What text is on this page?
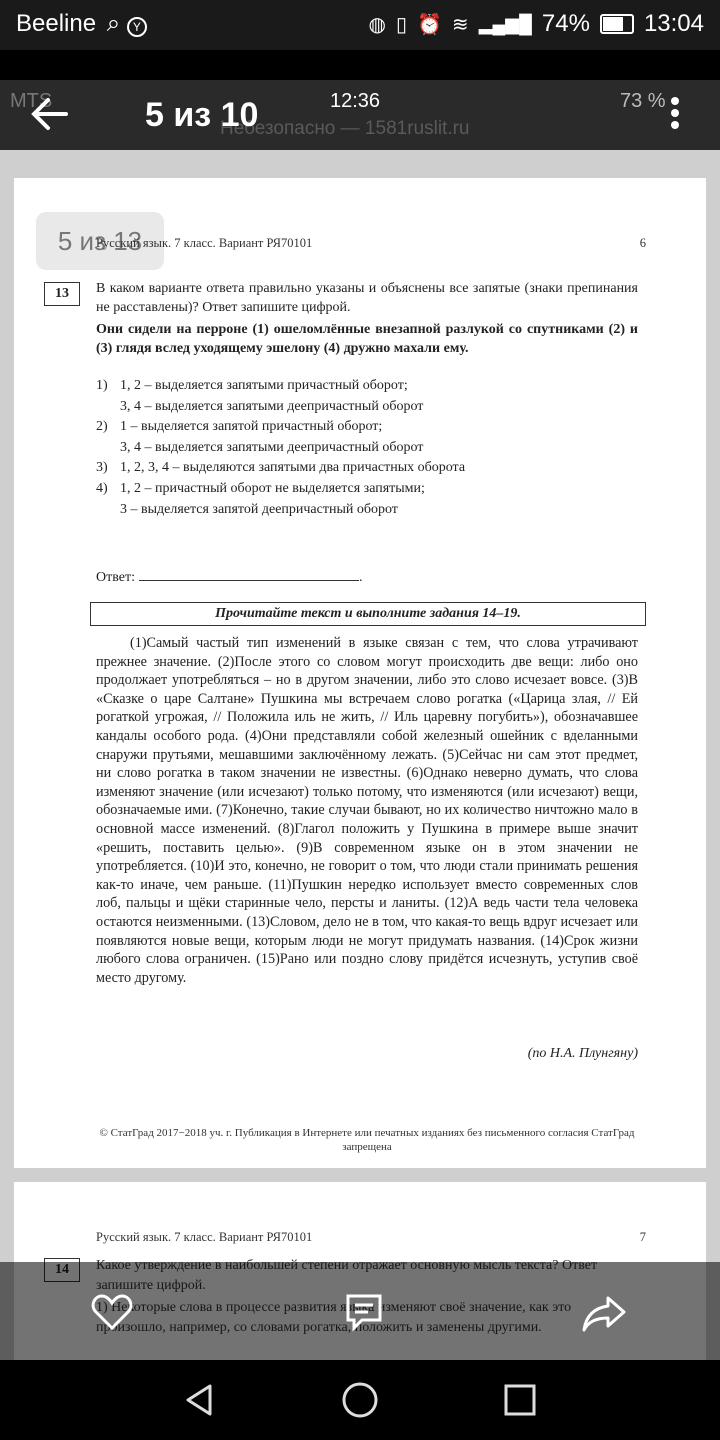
Beeline ⌕ Y	◍ ▯ ⏰ ≋ ▂▄▆█ 74% 13:04
MTS	12:36	73 %
Небезопасно — 1581ruslit.ru
5 из 10
5 из 13
Русский язык. 7 класс. Вариант РЯ70101	6
13	В каком варианте ответа правильно указаны и объяснены все запятые (знаки препинания не расставлены)? Ответ запишите цифрой.
Они сидели на перроне (1) ошеломлённые внезапной разлукой со спутниками (2) и (3) глядя вслед уходящему эшелону (4) дружно махали ему.
1) 1, 2 – выделяется запятыми причастный оборот;
3, 4 – выделяется запятыми деепричастный оборот
2) 1 – выделяется запятой причастный оборот;
3, 4 – выделяется запятыми деепричастный оборот
3) 1, 2, 3, 4 – выделяются запятыми два причастных оборота
4) 1, 2 – причастный оборот не выделяется запятыми;
3 – выделяется запятой деепричастный оборот
Ответ:	.
Прочитайте текст и выполните задания 14–19.
(1)Самый частый тип изменений в языке связан с тем, что слова утрачивают прежнее значение. (2)После этого со словом могут происходить две вещи: либо оно продолжает употребляться – но в другом значении, либо это слово исчезает вовсе. (3)В «Сказке о царе Салтане» Пушкина мы встречаем слово рогатка («Царица злая, // Ей рогаткой угрожая, // Положила иль не жить, // Иль царевну погубить»), обозначавшее кандалы особого рода. (4)Они представляли собой железный ошейник с вделанными снаружи прутьями, мешавшими заключённому лежать. (5)Сейчас ни сам этот предмет, ни слово рогатка в таком значении не известны. (6)Однако неверно думать, что слова изменяют значение (или исчезают) только потому, что изменяются (или исчезают) вещи, обозначаемые ими. (7)Конечно, такие случаи бывают, но их количество ничтожно мало в основной массе изменений. (8)Глагол положить у Пушкина в примере выше значит «решить, поставить целью». (9)В современном языке он в этом значении не употребляется. (10)И это, конечно, не говорит о том, что люди стали принимать решения как-то иначе, чем раньше. (11)Пушкин нередко использует вместо современных слов лоб, пальцы и щёки старинные чело, персты и ланиты. (12)А ведь части тела человека остаются неизменными. (13)Словом, дело не в том, что какая-то вещь вдруг исчезает или появляются новые вещи, которым люди не могут придумать названия. (14)Срок жизни любого слова ограничен. (15)Рано или поздно слову придётся исчезнуть, уступив своё место другому.
(по Н.А. Плунгяну)
© СтатГрад 2017−2018 уч. г. Публикация в Интернете или печатных изданиях без письменного согласия СтатГрад запрещена
Русский язык. 7 класс. Вариант РЯ70101	7
